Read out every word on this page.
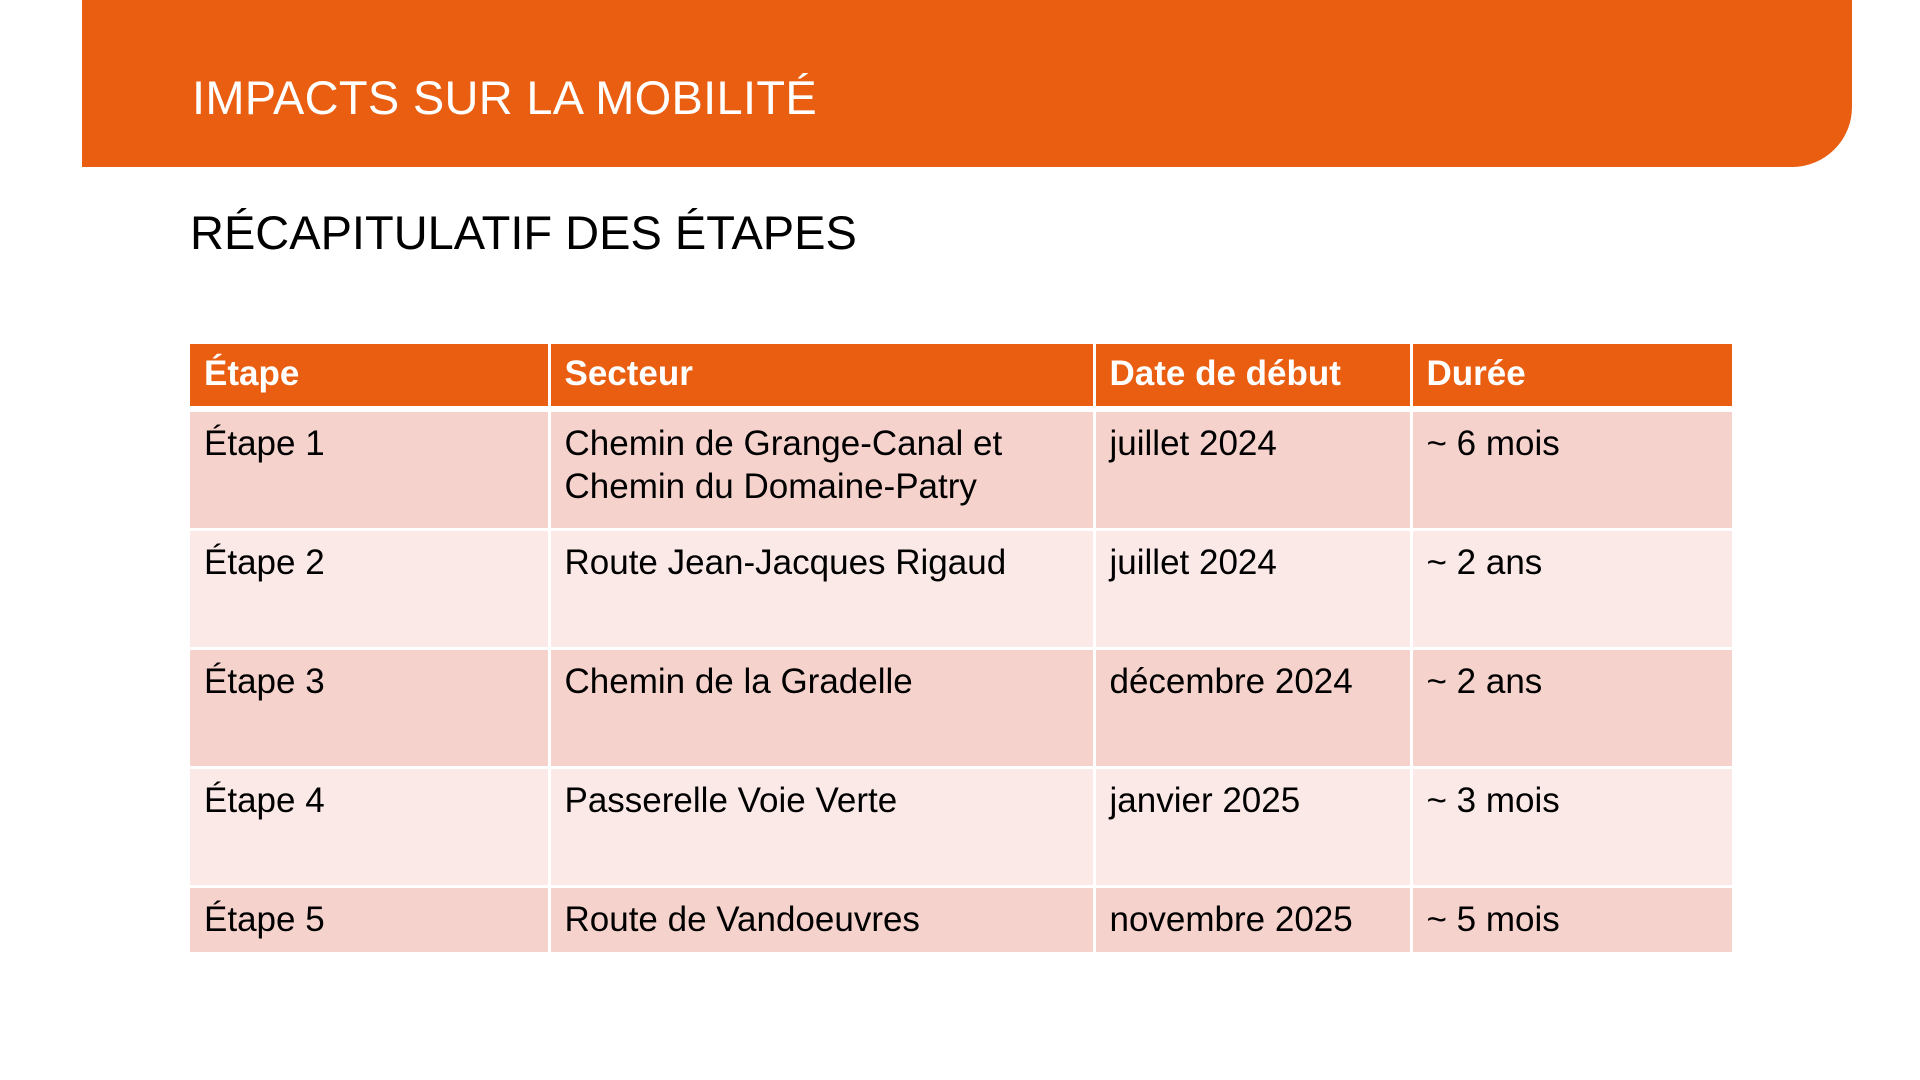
IMPACTS SUR LA MOBILITÉ
RÉCAPITULATIF DES ÉTAPES
Étape	Secteur	Date de début	Durée
Étape 1	Chemin de Grange-Canal et Chemin du Domaine-Patry	juillet 2024	~ 6 mois
Étape 2	Route Jean-Jacques Rigaud	juillet 2024	~ 2 ans
Étape 3	Chemin de la Gradelle	décembre 2024	~ 2 ans
Étape 4	Passerelle Voie Verte	janvier 2025	~ 3 mois
Étape 5	Route de Vandoeuvres	novembre 2025	~ 5 mois
